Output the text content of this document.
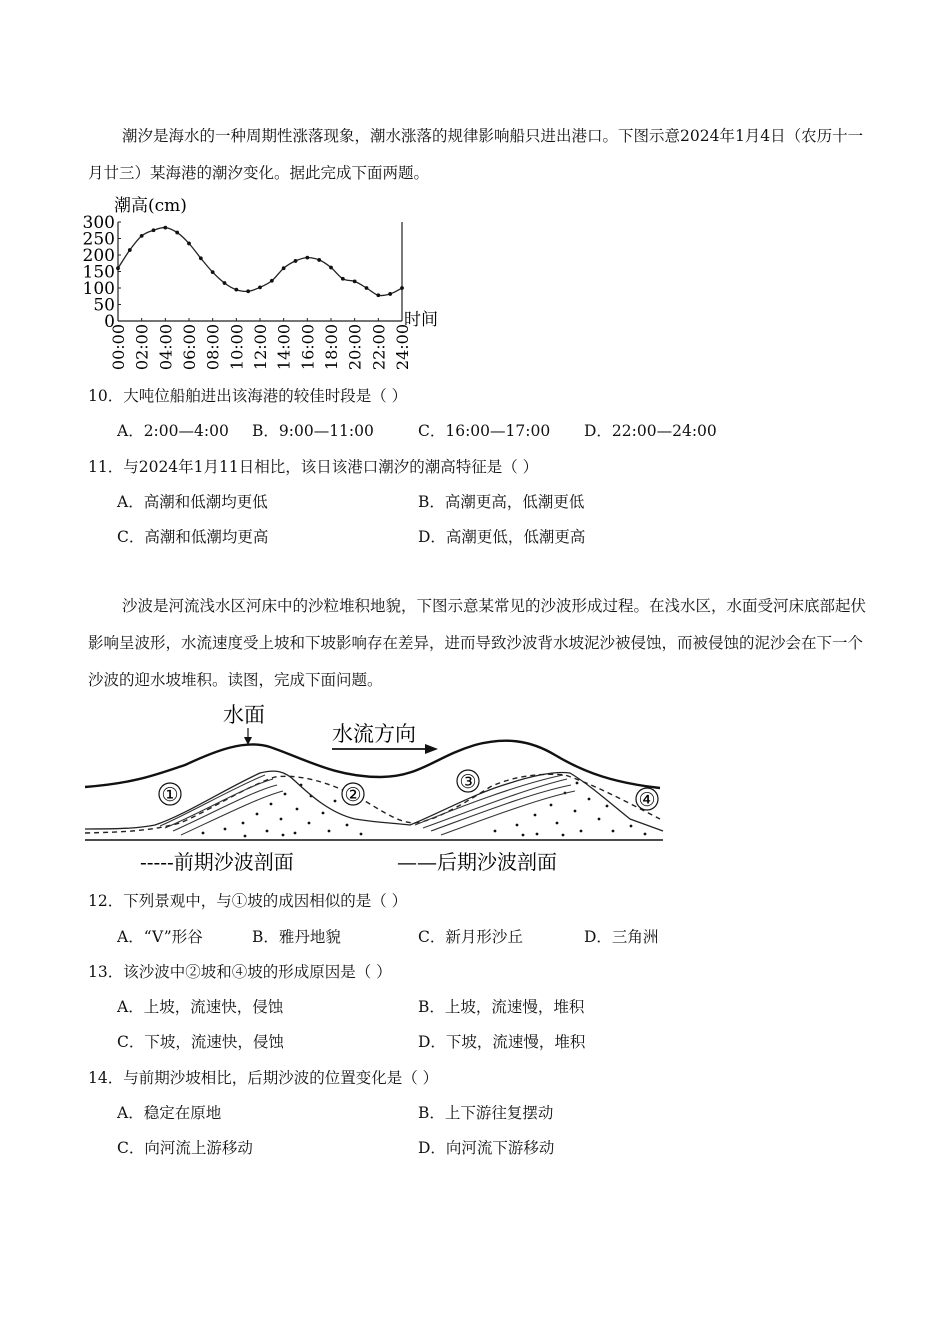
潮汐是海水的一种周期性涨落现象，潮水涨落的规律影响船只进出港口。下图示意2024年1月4日（农历十一月廿三）某海港的潮汐变化。据此完成下面两题。

潮高(cm)
300
250
200
150
100
50
0
00:00 02:00 04:00 06:00 08:00 10:00 12:00 14:00 16:00 18:00 20:00 22:00 24:00
时间
10．大吨位船舶进出该海港的较佳时段是（ ）
A．2:00—4:00 B．9:00—11:00	C．16:00—17:00 D．22:00—24:00
11．与2024年1月11日相比，该日该港口潮汐的潮高特征是（ ）
A．高潮和低潮均更低	B．高潮更高，低潮更低
C．高潮和低潮均更高	D．高潮更低，低潮更高

沙波是河流浅水区河床中的沙粒堆积地貌，下图示意某常见的沙波形成过程。在浅水区，水面受河床底部起伏影响呈波形，水流速度受上坡和下坡影响存在差异，进而导致沙波背水坡泥沙被侵蚀，而被侵蚀的泥沙会在下一个沙波的迎水坡堆积。读图，完成下面问题。

水面
水流方向
①	②
③
④
-----前期沙波剖面	——后期沙波剖面
12．下列景观中，与①坡的成因相似的是（ ）
A．“V”形谷	B．雅丹地貌	C．新月形沙丘	D．三角洲
13．该沙波中②坡和④坡的形成原因是（ ）
A．上坡，流速快，侵蚀	B．上坡，流速慢，堆积
C．下坡，流速快，侵蚀	D．下坡，流速慢，堆积
14．与前期沙坡相比，后期沙波的位置变化是（ ）
A．稳定在原地	B．上下游往复摆动
C．向河流上游移动	D．向河流下游移动
